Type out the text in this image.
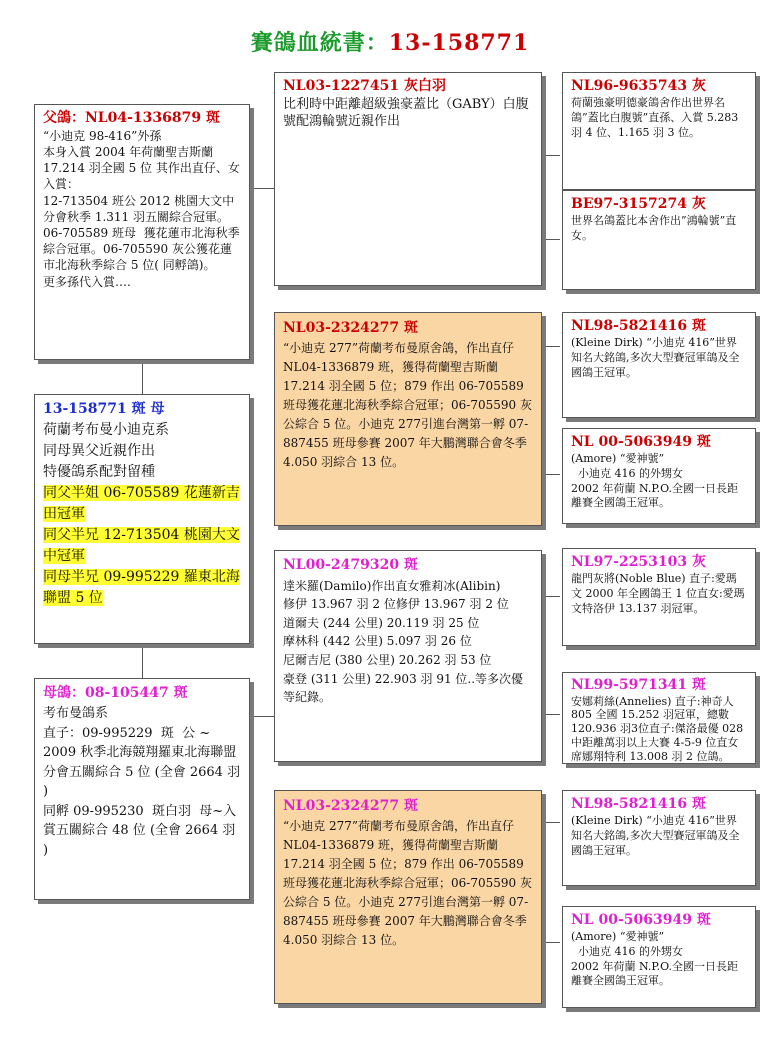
賽鴿血統書：13-158771
父鴿：NL04-1336879 斑

“小迪克 98-416”外孫
本身入賞 2004 年荷蘭聖吉斯蘭 17.214 羽全國 5 位 其作出直仔、女入賞：
12-713504 班公 2012 桃園大文中分會秋季 1.311 羽五關綜合冠軍。
06-705589 班母  獲花蓮市北海秋季綜合冠軍。06-705590 灰公獲花蓮市北海秋季綜合 5 位( 同孵鴿)。
更多孫代入賞….

13-158771 斑 母

荷蘭考布曼小迪克系

同母異父近親作出

特優鴿系配對留種

同父半姐 06-705589 花蓮新吉田冠軍

同父半兄 12-713504 桃園大文中冠軍

同母半兄 09-995229 羅東北海聯盟 5 位

母鴿：08-105447 斑

考布曼鴿系
直子：09-995229  斑  公 ~ 2009 秋季北海競翔羅東北海聯盟分會五關綜合 5 位 (全會 2664 羽 )
同孵 09-995230  斑白羽  母~入賞五關綜合 48 位 (全會 2664 羽 )

NL03-1227451 灰白羽

比利時中距離超級強豪蓋比（GABY）白腹號配鴻輪號近親作出

NL03-2324277 斑

“小迪克 277”荷蘭考布曼原舍鴿，作出直仔 NL04-1336879 班，獲得荷蘭聖吉斯蘭 17.214 羽全國 5 位；879 作出 06-705589 班母獲花蓮北海秋季綜合冠軍；06-705590 灰公綜合 5 位。小迪克 277引進台灣第一孵 07-887455 班母參賽 2007 年大鵬灣聯合會冬季 4.050 羽綜合 13 位。

NL00-2479320 斑

達米羅(Damilo)作出直女雅莉冰(Alibin)

修伊 13.967 羽 2 位修伊 13.967 羽 2 位

道爾夫 (244 公里) 20.119 羽 25 位

摩林科 (442 公里) 5.097 羽 26 位

尼爾吉尼 (380 公里) 20.262 羽 53 位

豪登 (311 公里) 22.903 羽 91 位..等多次優等紀錄。

NL03-2324277 斑

“小迪克 277”荷蘭考布曼原舍鴿，作出直仔 NL04-1336879 班，獲得荷蘭聖吉斯蘭 17.214 羽全國 5 位；879 作出 06-705589 班母獲花蓮北海秋季綜合冠軍；06-705590 灰公綜合 5 位。小迪克 277引進台灣第一孵 07-887455 班母參賽 2007 年大鵬灣聯合會冬季 4.050 羽綜合 13 位。

NL96-9635743 灰

荷蘭強豪明德豪鴿舍作出世界名鴿”蓋比白腹號”直孫、入賞 5.283 羽 4 位、1.165 羽 3 位。

BE97-3157274 灰

世界名鴿蓋比本舍作出”鴻輪號”直女。

NL98-5821416 斑

(Kleine Dirk) “小迪克 416”世界知名大銘鴿,多次大型賽冠軍鴿及全國鴿王冠軍。

NL 00-5063949 斑

(Amore) “愛神號”
小迪克 416 的外甥女
2002 年荷蘭 N.P.O.全國一日長距離賽全國鴿王冠軍。

NL97-2253103 灰

龍門灰將(Noble Blue) 直子:愛瑪文 2000 年全國鴿王 1 位直女:愛瑪文特洛伊 13.137 羽冠軍。

NL99-5971341 斑

安娜莉絲(Annelies) 直子:神奇人 805 全國 15.252 羽冠軍，總數 120.936 羽3位直子:傑洛最優 028 中距離萬羽以上大賽 4-5-9 位直女席娜翔特利 13.008 羽 2 位鴿。

NL98-5821416 斑

(Kleine Dirk) “小迪克 416”世界知名大銘鴿,多次大型賽冠軍鴿及全國鴿王冠軍。

NL 00-5063949 斑

(Amore) “愛神號”
小迪克 416 的外甥女
2002 年荷蘭 N.P.O.全國一日長距離賽全國鴿王冠軍。
